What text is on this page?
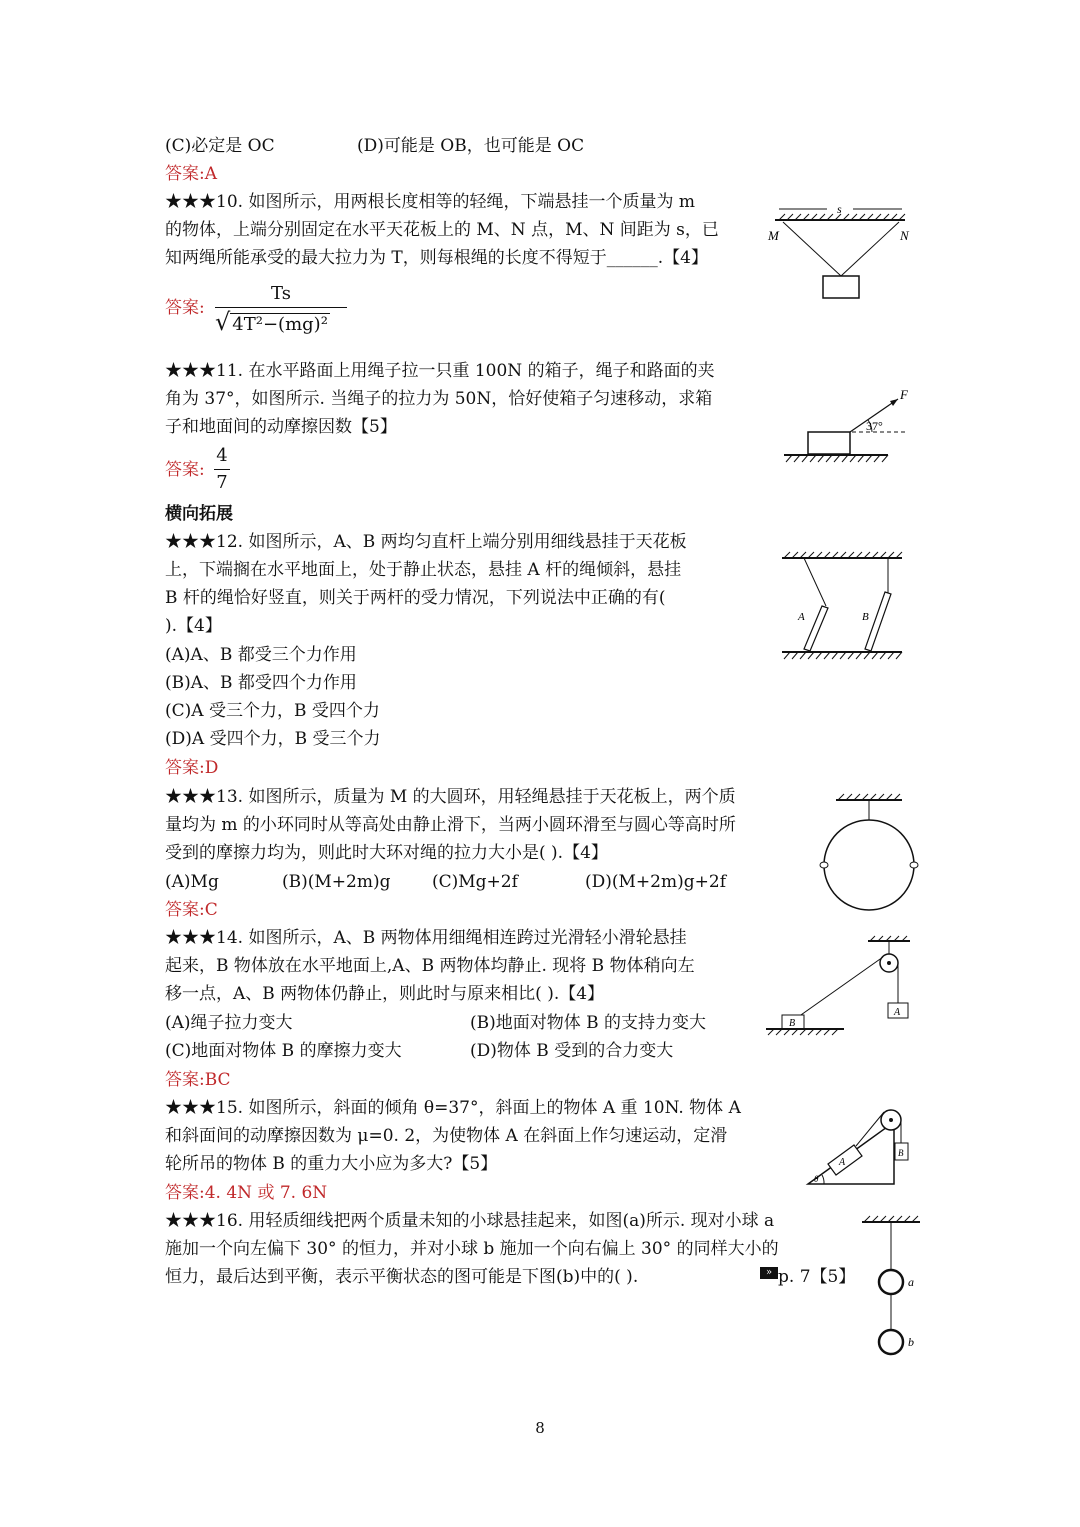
(C)必定是 OC	(D)可能是 OB，也可能是 OC
答案:A
★★★10. 如图所示，用两根长度相等的轻绳，下端悬挂一个质量为 m
的物体，上端分别固定在水平天花板上的 M、N 点，M、N 间距为 s，已
知两绳所能承受的最大拉力为 T，则每根绳的长度不得短于______.【4】
答案:
Ts
√ 4T²−(mg)²
s
M	N
★★★11. 在水平路面上用绳子拉一只重 100N 的箱子，绳子和路面的夹
角为 37°，如图所示. 当绳子的拉力为 50N，恰好使箱子匀速移动，求箱
子和地面间的动摩擦因数【5】
答案:
4
7
F
37°
横向拓展
★★★12. 如图所示，A、B 两均匀直杆上端分别用细线悬挂于天花板
上，下端搁在水平地面上，处于静止状态，悬挂 A 杆的绳倾斜，悬挂
B 杆的绳恰好竖直，则关于两杆的受力情况，下列说法中正确的有(
).【4】
(A)A、B 都受三个力作用
(B)A、B 都受四个力作用
(C)A 受三个力，B 受四个力
(D)A 受四个力，B 受三个力
答案:D
A	B
★★★13. 如图所示，质量为 M 的大圆环，用轻绳悬挂于天花板上，两个质
量均为 m 的小环同时从等高处由静止滑下，当两小圆环滑至与圆心等高时所
受到的摩擦力均为，则此时大环对绳的拉力大小是( ).【4】
(A)Mg	(B)(M+2m)g (C)Mg+2f	(D)(M+2m)g+2f
答案:C
★★★14. 如图所示，A、B 两物体用细绳相连跨过光滑轻小滑轮悬挂
起来，B 物体放在水平地面上,A、B 两物体均静止. 现将 B 物体稍向左
移一点，A、B 两物体仍静止，则此时与原来相比( ).【4】
(A)绳子拉力变大	(B)地面对物体 B 的支持力变大
(C)地面对物体 B 的摩擦力变大	(D)物体 B 受到的合力变大
答案:BC
A
B
★★★15. 如图所示，斜面的倾角 θ=37°，斜面上的物体 A 重 10N. 物体 A
和斜面间的动摩擦因数为 μ=0. 2，为使物体 A 在斜面上作匀速运动，定滑
轮所吊的物体 B 的重力大小应为多大?【5】
答案:4. 4N 或 7. 6N
A
B
θ
★★★16. 用轻质细线把两个质量未知的小球悬挂起来，如图(a)所示. 现对小球 a
施加一个向左偏下 30° 的恒力，并对小球 b 施加一个向右偏上 30° 的同样大小的
恒力，最后达到平衡，表示平衡状态的图可能是下图(b)中的( ).	» p. 7【5】	a
b
8
